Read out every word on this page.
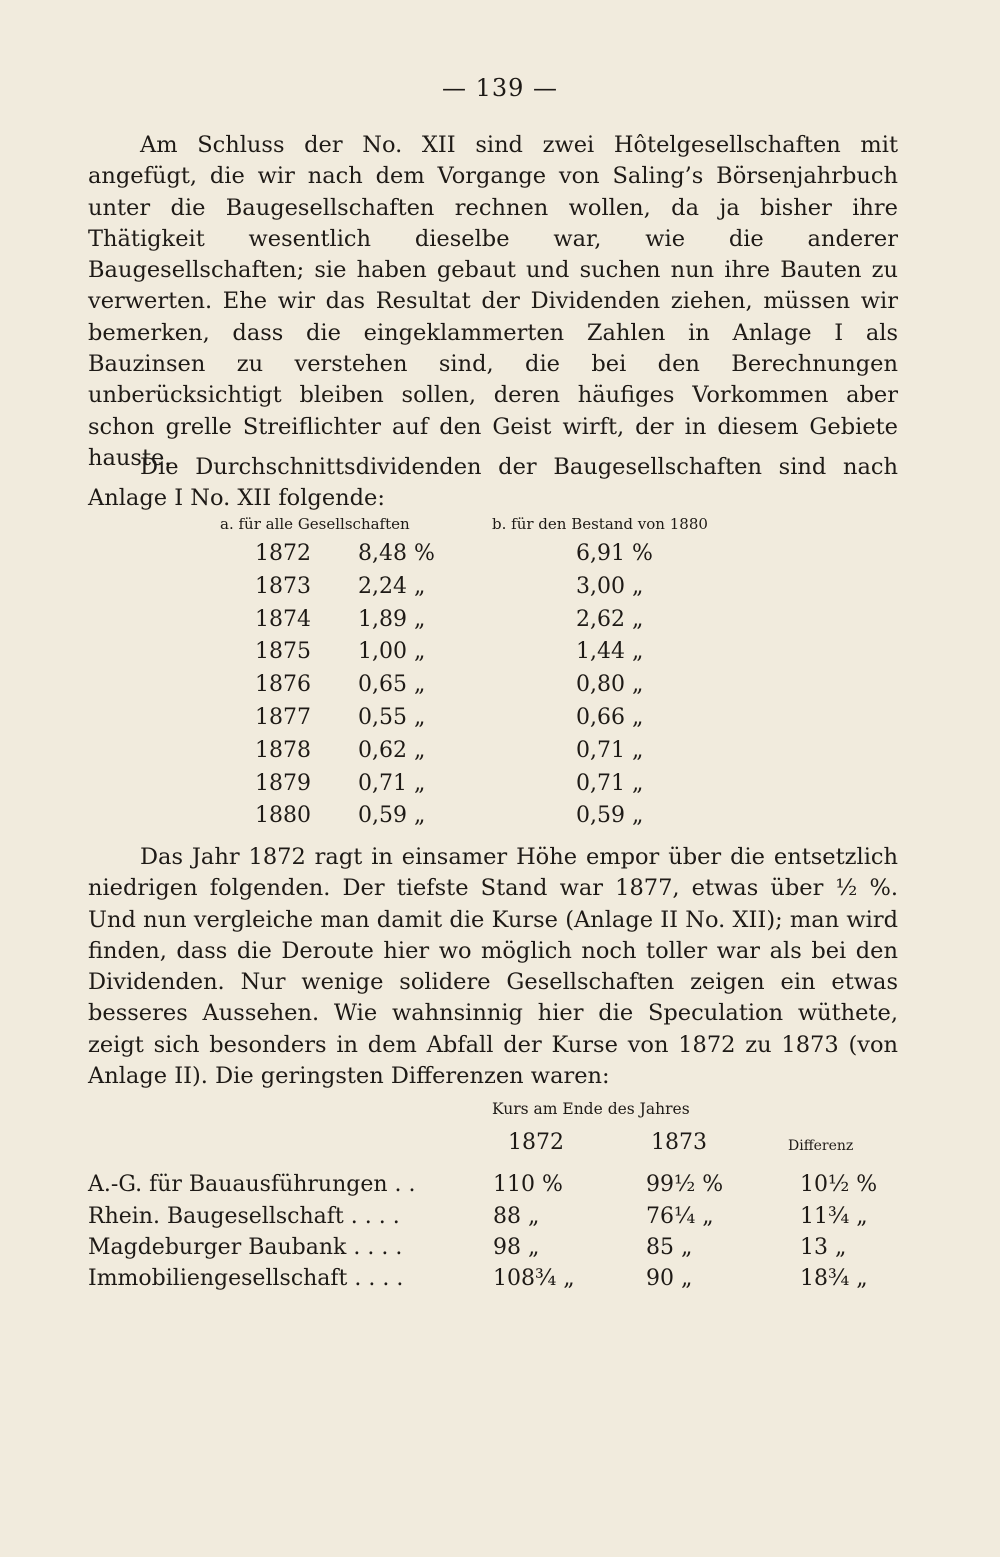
— 139 —
Am Schluss der No. XII sind zwei Hôtelgesellschaften mit angefügt, die wir nach dem Vorgange von Saling’s Börsenjahrbuch unter die Baugesellschaften rechnen wollen, da ja bisher ihre Thätigkeit wesentlich dieselbe war, wie die anderer Baugesellschaften; sie haben gebaut und suchen nun ihre Bauten zu verwerten. Ehe wir das Resultat der Dividenden ziehen, müssen wir bemerken, dass die eingeklammerten Zahlen in Anlage I als Bauzinsen zu verstehen sind, die bei den Berechnungen unberücksichtigt bleiben sollen, deren häufiges Vorkommen aber schon grelle Streiflichter auf den Geist wirft, der in diesem Gebiete hauste.
Die Durchschnittsdividenden der Baugesellschaften sind nach Anlage I No. XII folgende:
a. für alle Gesellschaften	b. für den Bestand von 1880
1872 8,48 %	6,91 %
1873 2,24 „	3,00 „
1874 1,89 „	2,62 „
1875 1,00 „	1,44 „
1876 0,65 „	0,80 „
1877 0,55 „	0,66 „
1878 0,62 „	0,71 „
1879 0,71 „	0,71 „
1880 0,59 „	0,59 „
Das Jahr 1872 ragt in einsamer Höhe empor über die entsetzlich niedrigen folgenden. Der tiefste Stand war 1877, etwas über ½ %. Und nun vergleiche man damit die Kurse (Anlage II No. XII); man wird finden, dass die Deroute hier wo möglich noch toller war als bei den Dividenden. Nur wenige solidere Gesellschaften zeigen ein etwas besseres Aussehen. Wie wahnsinnig hier die Speculation wüthete, zeigt sich besonders in dem Abfall der Kurse von 1872 zu 1873 (von Anlage II). Die geringsten Differenzen waren:
Kurs am Ende des Jahres
1872	1873	Differenz
A.-G. für Bauausführungen . .	110 %	99½ %	10½ %
Rhein. Baugesellschaft . . . .	88 „	76¼ „	11¾ „
Magdeburger Baubank . . . .	98 „	85 „	13 „
Immobiliengesellschaft . . . .	108¾ „	90 „	18¾ „
